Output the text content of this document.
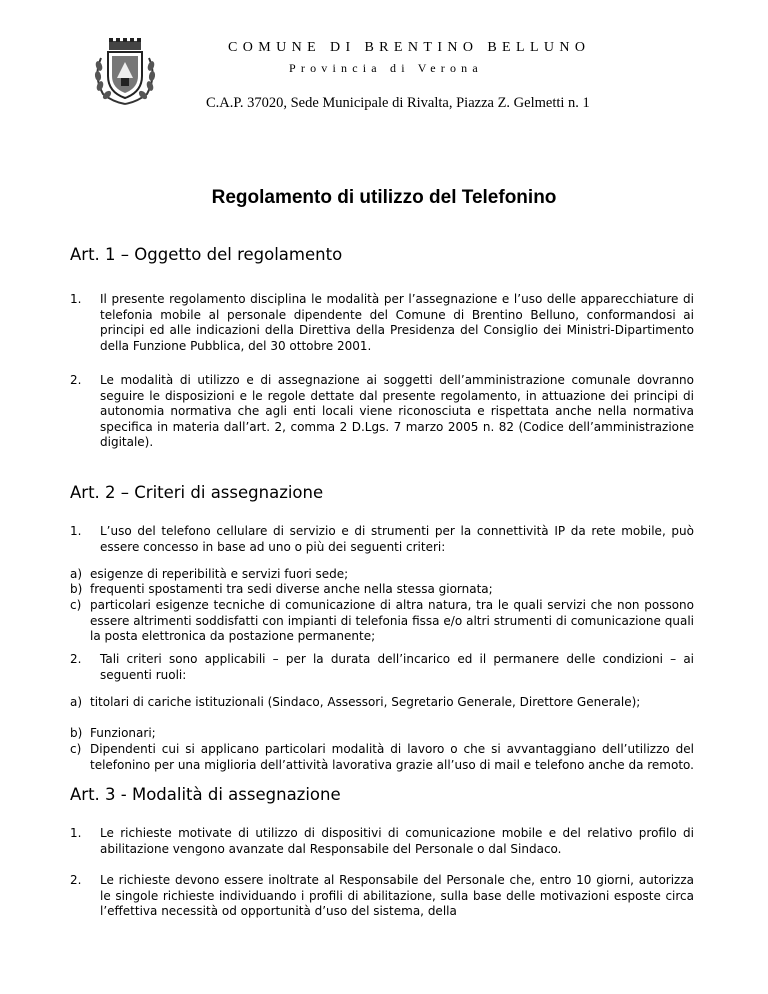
COMUNE DI BRENTINO BELLUNO
Provincia di Verona
C.A.P. 37020, Sede Municipale di Rivalta, Piazza Z. Gelmetti n. 1
Regolamento di utilizzo del Telefonino
Art. 1 – Oggetto del regolamento
1. Il presente regolamento disciplina le modalità per l’assegnazione e l’uso delle apparecchiature di telefonia mobile al personale dipendente del Comune di Brentino Belluno, conformandosi ai principi ed alle indicazioni della Direttiva della Presidenza del Consiglio dei Ministri-Dipartimento della Funzione Pubblica, del 30 ottobre 2001.
2. Le modalità di utilizzo e di assegnazione ai soggetti dell’amministrazione comunale dovranno seguire le disposizioni e le regole dettate dal presente regolamento, in attuazione dei principi di autonomia normativa che agli enti locali viene riconosciuta e rispettata anche nella normativa specifica in materia dall’art. 2, comma 2 D.Lgs. 7 marzo 2005 n. 82 (Codice dell’amministrazione digitale).
Art. 2 – Criteri di assegnazione
1. L’uso del telefono cellulare di servizio e di strumenti per la connettività IP da rete mobile, può essere concesso in base ad uno o più dei seguenti criteri:
a) esigenze di reperibilità e servizi fuori sede;
b) frequenti spostamenti tra sedi diverse anche nella stessa giornata;
c) particolari esigenze tecniche di comunicazione di altra natura, tra le quali servizi che non possono essere altrimenti soddisfatti con impianti di telefonia fissa e/o altri strumenti di comunicazione quali la posta elettronica da postazione permanente;
2. Tali criteri sono applicabili – per la durata dell’incarico ed il permanere delle condizioni – ai seguenti ruoli:
a) titolari di cariche istituzionali (Sindaco, Assessori, Segretario Generale, Direttore Generale);
b) Funzionari;
c) Dipendenti cui si applicano particolari modalità di lavoro o che si avvantaggiano dell’utilizzo del telefonino per una miglioria dell’attività lavorativa grazie all’uso di mail e telefono anche da remoto.
Art. 3 - Modalità di assegnazione
1. Le richieste motivate di utilizzo di dispositivi di comunicazione mobile e del relativo profilo di abilitazione vengono avanzate dal Responsabile del Personale o dal Sindaco.
2. Le richieste devono essere inoltrate al Responsabile del Personale che, entro 10 giorni, autorizza le singole richieste individuando i profili di abilitazione, sulla base delle motivazioni esposte circa l’effettiva necessità od opportunità d’uso del sistema, della
